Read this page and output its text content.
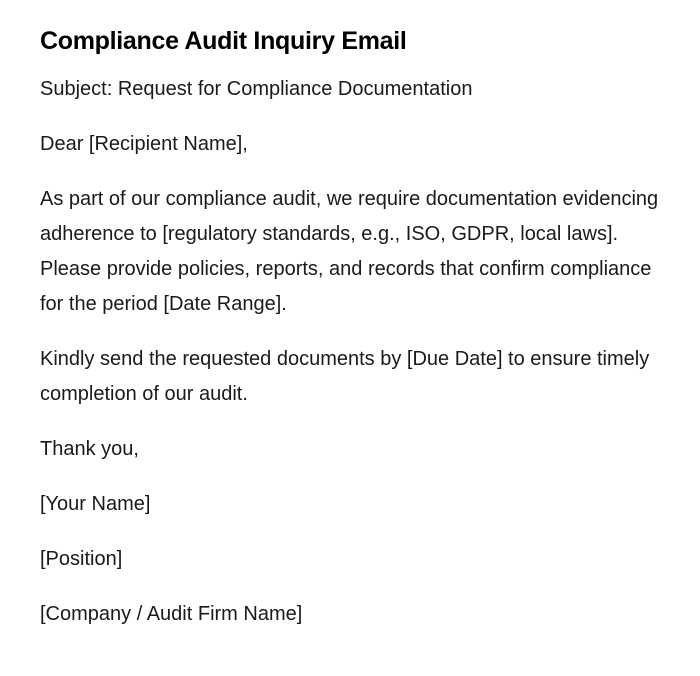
Compliance Audit Inquiry Email

Subject: Request for Compliance Documentation

Dear [Recipient Name],

As part of our compliance audit, we require documentation evidencing adherence to [regulatory standards, e.g., ISO, GDPR, local laws]. Please provide policies, reports, and records that confirm compliance for the period [Date Range].

Kindly send the requested documents by [Due Date] to ensure timely completion of our audit.

Thank you,

[Your Name]

[Position]

[Company / Audit Firm Name]
